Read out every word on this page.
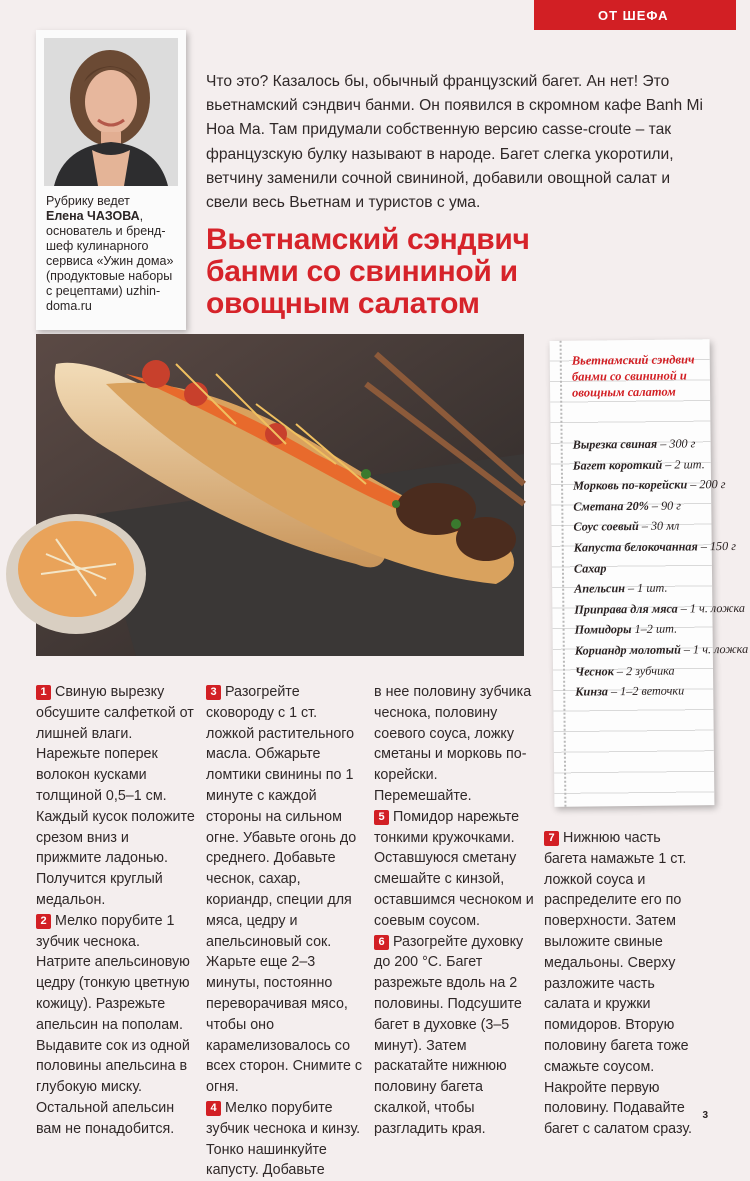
ОТ ШЕФА
Рубрику ведет
Елена ЧАЗОВА, основатель и бренд-шеф кулинарного сервиса «Ужин дома» (продуктовые наборы с рецептами) uzhin-doma.ru

Что это? Казалось бы, обычный французский багет. Ан нет! Это вьетнамский сэндвич банми. Он появился в скромном кафе Banh Mi Hoa Ma. Там придумали собственную версию casse-croute – так французскую булку называют в народе. Багет слегка укоротили, ветчину заменили сочной свининой, добавили овощной салат и свели весь Вьетнам и туристов с ума.

Вьетнамский сэндвич банми со свининой и овощным салатом
Вьетнамский сэндвич банми со свининой и овощным салатом
Вырезка свиная – 300 г
Багет короткий – 2 шт.
Морковь по-корейски – 200 г
Сметана 20% – 90 г
Соус соевый – 30 мл
Капуста белокочанная – 150 г
Сахар
Апельсин – 1 шт.
Приправа для мяса – 1 ч. ложка
Помидоры 1–2 шт.
Кориандр молотый – 1 ч. ложка
Чеснок – 2 зубчика
Кинза – 1–2 веточки

1 Свиную вырезку обсушите салфеткой от лишней влаги. Нарежьте поперек волокон кусками толщиной 0,5–1 см. Каждый кусок положите срезом вниз и прижмите ладонью. Получится круглый медальон.

2 Мелко порубите 1 зубчик чеснока. Натрите апельсиновую цедру (тонкую цветную кожицу). Разрежьте апельсин на пополам. Выдавите сок из одной половины апельсина в глубокую миску. Остальной апельсин вам не понадобится.

3 Разогрейте сковороду с 1 ст. ложкой растительного масла. Обжарьте ломтики свинины по 1 минуте с каждой стороны на сильном огне. Убавьте огонь до среднего. Добавьте чеснок, сахар, кориандр, специи для мяса, цедру и апельсиновый сок. Жарьте еще 2–3 минуты, постоянно переворачивая мясо, чтобы оно карамелизовалось со всех сторон. Снимите с огня.

4 Мелко порубите зубчик чеснока и кинзу. Тонко нашинкуйте капусту. Добавьте

в нее половину зубчика чеснока, половину соевого соуса, ложку сметаны и морковь по-корейски. Перемешайте.

5 Помидор нарежьте тонкими кружочками. Оставшуюся сметану смешайте с кинзой, оставшимся чесноком и соевым соусом.

6 Разогрейте духовку до 200 °C. Багет разрежьте вдоль на 2 половины. Подсушите багет в духовке (3–5 минут). Затем раскатайте нижнюю половину багета скалкой, чтобы разгладить края.

7 Нижнюю часть багета намажьте 1 ст. ложкой соуса и распределите его по поверхности. Затем выложите свиные медальоны. Сверху разложите часть салата и кружки помидоров. Вторую половину багета тоже смажьте соусом. Накройте первую половину. Подавайте багет с салатом сразу.

3
